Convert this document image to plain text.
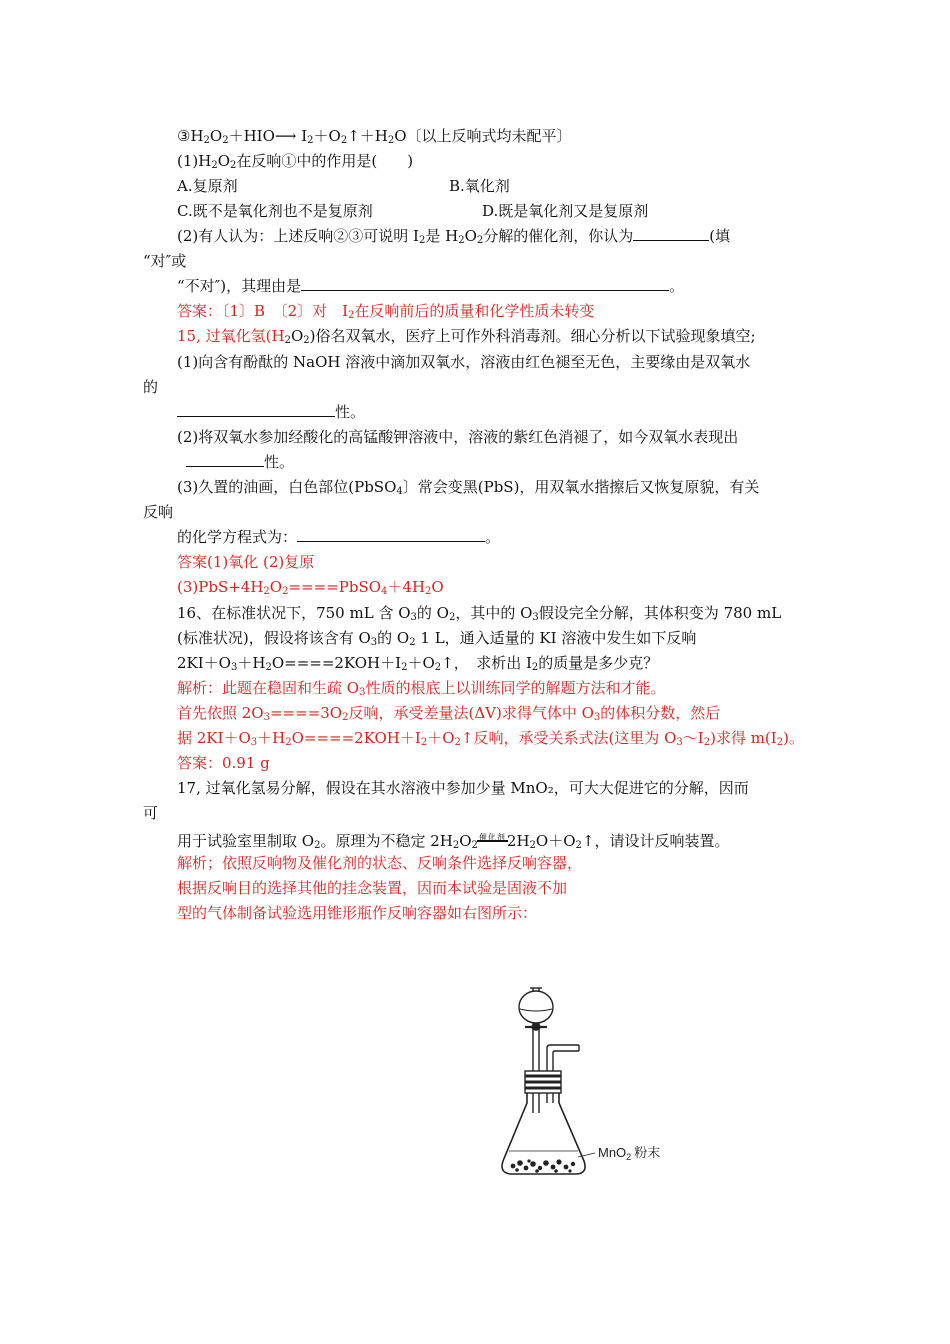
$③H_2O_2+HIO⟶$ $I_2+O_2↑+H_2O$〔以上反响式均未配平〕
$(1)H_2O_2$在反响①中的作用是(　　)
A.复原剂	B.氧化剂
C.既不是氧化剂也不是复原剂	D.既是氧化剂又是复原剂
(2)有人认为：上述反响②③可说明 $I_2$是 $H_2O_2$分解的催化剂，你认为	(填
“对″或
“不对″)，其理由是	。
答案：〔1〕B　〔2〕对　$I_2$在反响前后的质量和化学性质未转变
15, 过氧化氢$(H_2O_2)$俗名双氧水，医疗上可作外科消毒剂。细心分析以下试验现象填空;
(1)向含有酚酞的 NaOH 溶液中滴加双氧水，溶液由红色褪至无色，主要缘由是双氧水
的
性。
(2)将双氧水参加经酸化的高锰酸钾溶液中，溶液的紫红色消褪了，如今双氧水表现出
性。
(3)久置的油画，白色部位(PbSO$_4$〕常会变黑(PbS)，用双氧水揩擦后又恢复原貌，有关
反响
的化学方程式为：	。
答案(1)氧化 (2)复原
$(3)PbS+4H_2O_2====PbSO_4+4H_2O$
16、在标准状况下，750 mL 含 $O_3$的 $O_2$，其中的 $O_3$假设完全分解，其体积变为 780 mL
(标准状况)，假设将该含有 $O_3$的 $O_2$ 1 L，通入适量的 KI 溶液中发生如下反响
$2KI+O_3+H_2O====2KOH+I_2+O_2↑$，　求析出 $I_2$的质量是多少克？
解析：此题在稳固和生疏 $O_3$性质的根底上以训练同学的解题方法和才能。
首先依照 $2O_3====3O_2$反响，承受差量法(ΔV)求得气体中 $O_3$的体积分数，然后
据 $2KI+O_3+H_2O====2KOH+I_2+O_2↑$反响，承受关系式法(这里为 $O_3\sim I_2$)求得 $m(I_2)$。
答案：0.91 g
17, 过氧化氢易分解，假设在其水溶液中参加少量 MnO₂，可大大促进它的分解，因而
可
用于试验室里制取 $O_2$。原理为不稳定 $2H_2O_2$催化剂$2H_2O+O_2↑$，请设计反响装置。
解析；依照反响物及催化剂的状态、反响条件选择反响容器，
根据反响目的选择其他的挂念装置，因而本试验是固液不加
型的气体制备试验选用锥形瓶作反响容器如右图所示：
MnO$_2$ 粉末
